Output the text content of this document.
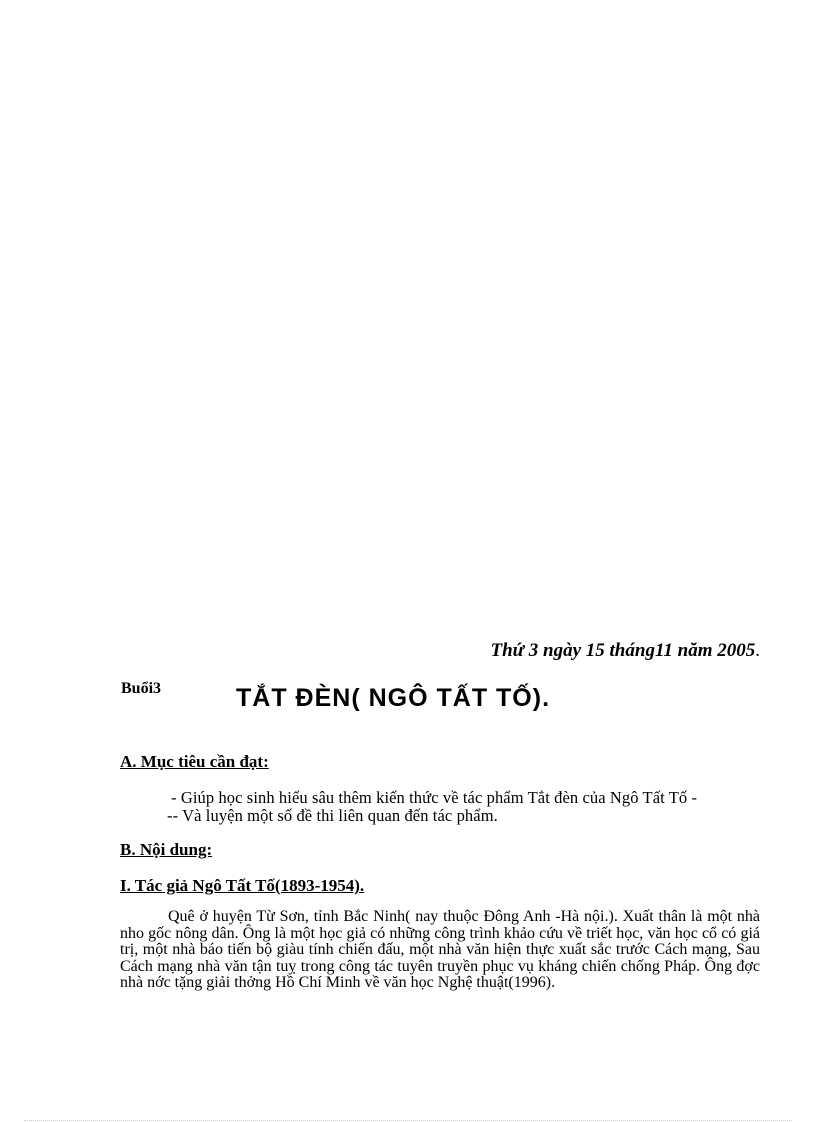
Thứ 3 ngày 15 tháng11 năm 2005.
Buổi3	TẮT ĐÈN( NGÔ TẤT TỐ).
A. Mục tiêu cần đạt:
- Giúp học sinh hiểu sâu thêm kiến thức về tác phẩm Tắt đèn của Ngô Tất Tố -
-- Và luyện một số đề thi liên quan đến tác phẩm.
B. Nội dung:
I. Tác giả Ngô Tất Tố(1893-1954).
Quê ở huyện Từ Sơn, tỉnh Bắc Ninh( nay thuộc Đông Anh -Hà nội.). Xuất thân là một nhà nho gốc nông dân. Ông là một học giả có những công trình khảo cứu về triết học, văn học cổ có giá trị, một nhà báo tiến bộ giàu tính chiến đấu, một nhà văn hiện thực xuất sắc trước Cách mạng, Sau Cách mạng nhà văn tận tuỵ trong công tác tuyên truyền phục vụ kháng chiến chống Pháp. Ông đợc nhà nớc tặng giải thởng Hồ Chí Minh về văn học Nghệ thuật(1996).
